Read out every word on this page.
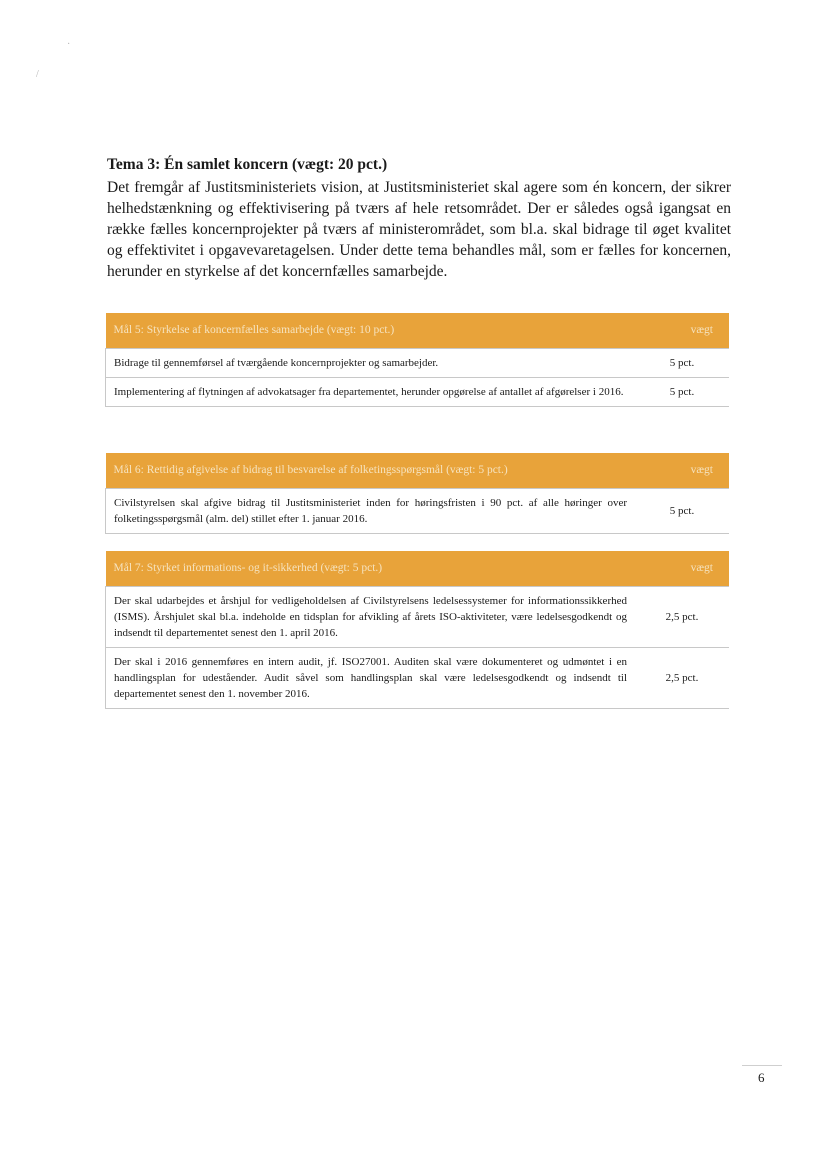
·
/

Tema 3: Én samlet koncern (vægt: 20 pct.)

Det fremgår af Justitsministeriets vision, at Justitsministeriet skal agere som én koncern, der sikrer helhedstænkning og effektivisering på tværs af hele retsområdet. Der er således også igangsat en række fælles koncernprojekter på tværs af ministerområdet, som bl.a. skal bidrage til øget kvalitet og effektivitet i opgavevaretagelsen. Under dette tema behandles mål, som er fælles for koncernen, herunder en styrkelse af det koncernfælles samarbejde.

Mål 5: Styrkelse af koncernfælles samarbejde (vægt: 10 pct.)	vægt
Bidrage til gennemførsel af tværgående koncernprojekter og samarbejder.	5 pct.
Implementering af flytningen af advokatsager fra departementet, herunder opgørelse af antallet af afgørelser i 2016.	5 pct.
Mål 6: Rettidig afgivelse af bidrag til besvarelse af folketingsspørgsmål (vægt: 5 pct.)	vægt
Civilstyrelsen skal afgive bidrag til Justitsministeriet inden for høringsfristen i 90 pct. af alle høringer over folketingsspørgsmål (alm. del) stillet efter 1. januar 2016.	5 pct.
Mål 7: Styrket informations- og it-sikkerhed (vægt: 5 pct.)	vægt
Der skal udarbejdes et årshjul for vedligeholdelsen af Civilstyrelsens ledelsessystemer for informationssikkerhed (ISMS). Årshjulet skal bl.a. indeholde en tidsplan for afvikling af årets ISO-aktiviteter, være ledelsesgodkendt og indsendt til departementet senest den 1. april 2016.	2,5 pct.
Der skal i 2016 gennemføres en intern audit, jf. ISO27001. Auditen skal være dokumenteret og udmøntet i en handlingsplan for udeståender. Audit såvel som handlingsplan skal være ledelsesgodkendt og indsendt til departementet senest den 1. november 2016.	2,5 pct.
6
